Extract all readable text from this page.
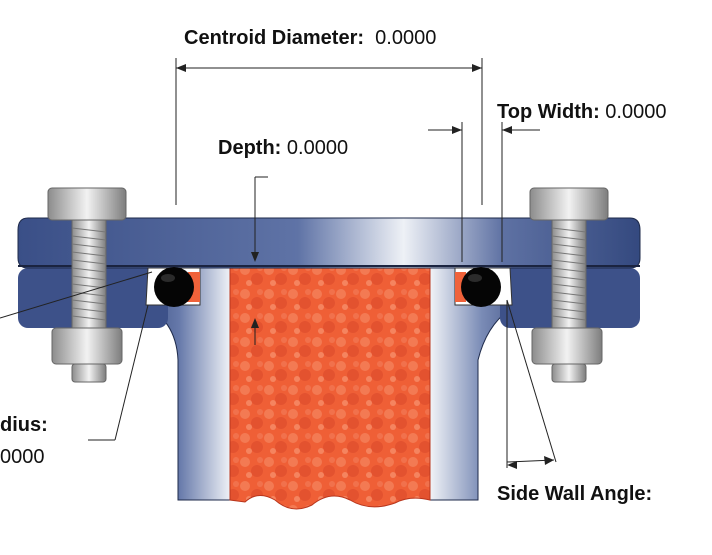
Centroid Diameter: 0.0000
Top Width: 0.0000
Depth: 0.0000
dius:
0000
Side Wall Angle:
